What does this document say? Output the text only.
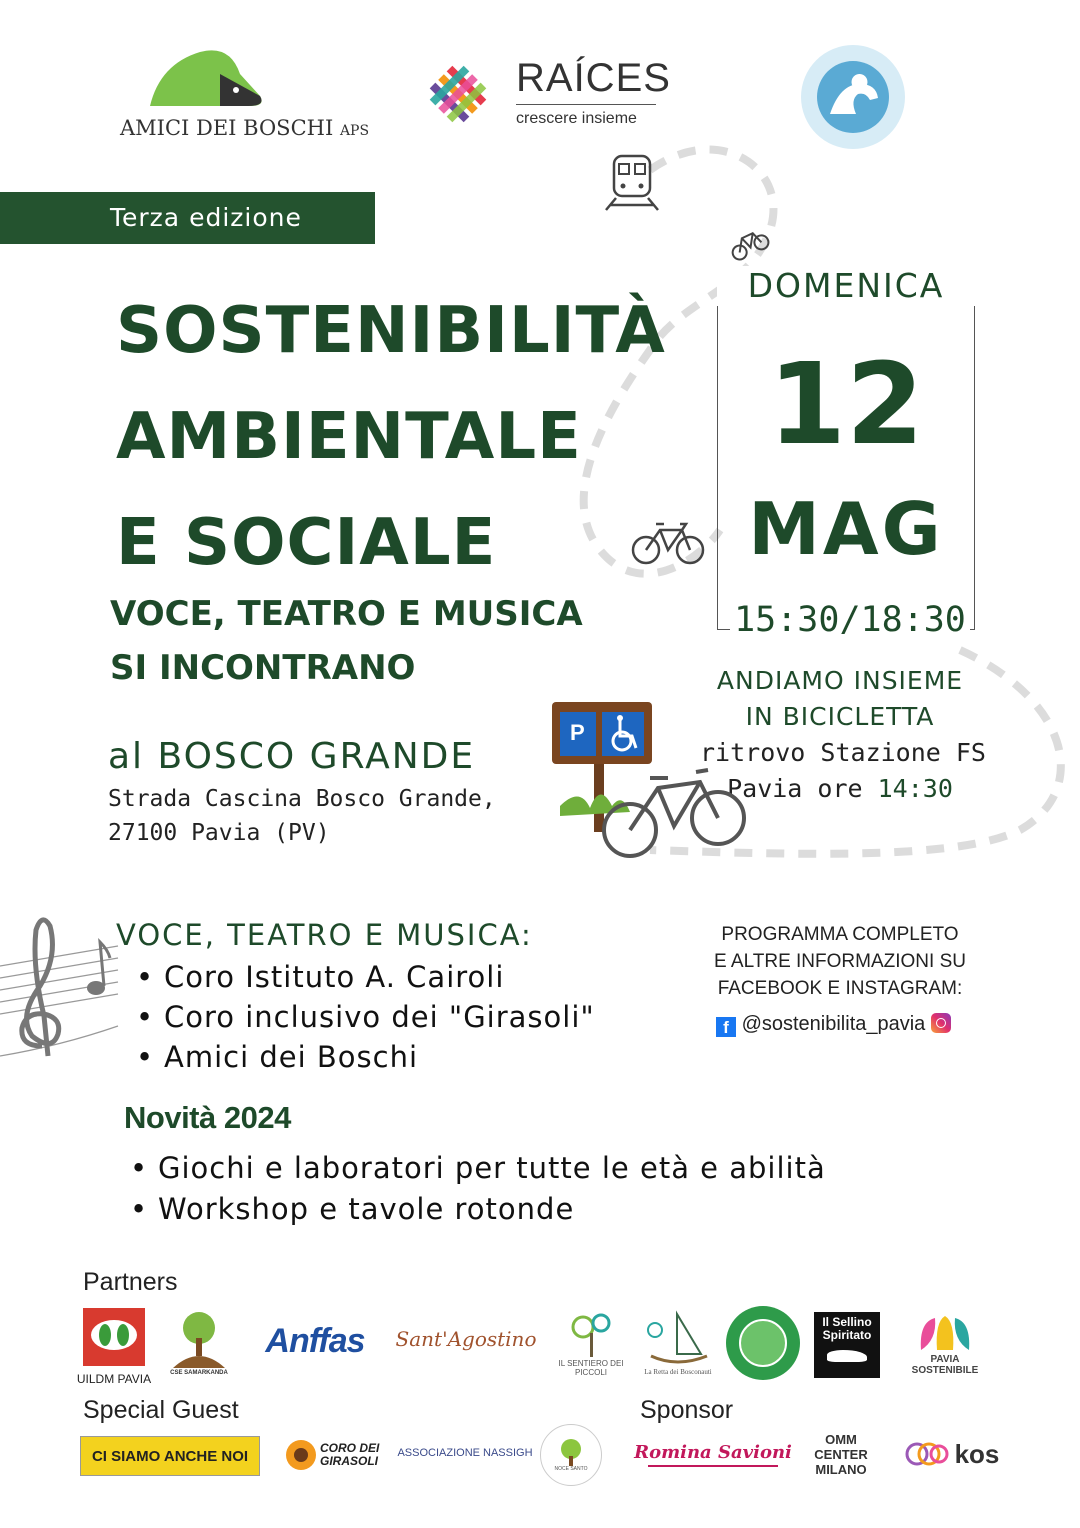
AMICI DEI BOSCHI APS
RAÍCES
crescere insieme
Terza edizione
SOSTENIBILITÀ
AMBIENTALE
E SOCIALE
VOCE, TEATRO E MUSICA
SI INCONTRANO
DOMENICA
12
MAG
15:30/18:30
ANDIAMO INSIEME
IN BICICLETTA
ritrovo Stazione FS
Pavia ore 14:30
P
al BOSCO GRANDE
Strada Cascina Bosco Grande,
27100 Pavia (PV)
VOCE, TEATRO E MUSICA:
• Coro Istituto A. Cairoli
• Coro inclusivo dei "Girasoli"
• Amici dei Boschi
PROGRAMMA COMPLETO
E ALTRE INFORMAZIONI SU
FACEBOOK E INSTAGRAM:
f @sostenibilita_pavia
Novità 2024
• Giochi e laboratori per tutte le età e abilità
• Workshop e tavole rotonde
Partners
UILDM PAVIA	CSE SAMARKANDA
Anffas Sant'Agostino
IL SENTIERO DEI PICCOLI	La Retta dei Bosconauti
Il Sellino Spiritato
PAVIA SOSTENIBILE
Special Guest
CI SIAMO ANCHE NOI	CORO DEI GIRASOLI
ASSOCIAZIONE NASSIGH
NOCE SANTO
Sponsor
Romina Savioni
OMM CENTER MILANO
kos
